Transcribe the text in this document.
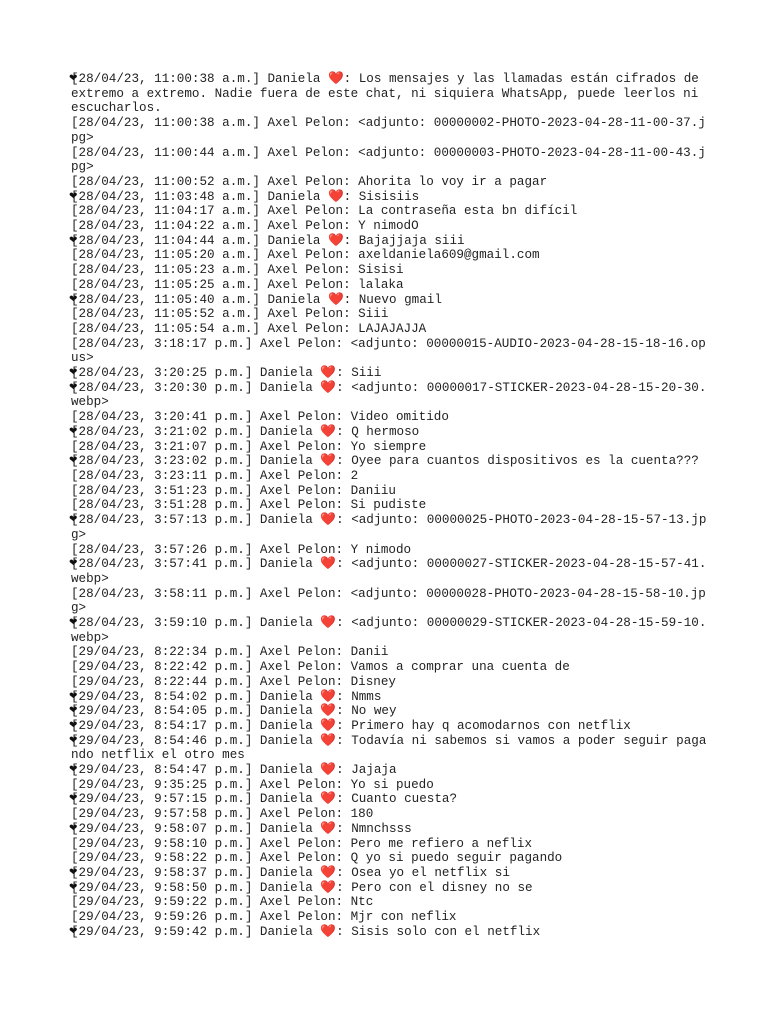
[28/04/23, 11:00:38 a.m.] Daniela ❤️: Los mensajes y las llamadas están cifrados de extremo a extremo. Nadie fuera de este chat, ni siquiera WhatsApp, puede leerlos ni escucharlos.
[28/04/23, 11:00:38 a.m.] Axel Pelon: <adjunto: 00000002-PHOTO-2023-04-28-11-00-37.jpg>
[28/04/23, 11:00:44 a.m.] Axel Pelon: <adjunto: 00000003-PHOTO-2023-04-28-11-00-43.jpg>
[28/04/23, 11:00:52 a.m.] Axel Pelon: Ahorita lo voy ir a pagar
[28/04/23, 11:03:48 a.m.] Daniela ❤️: Sisisiis
[28/04/23, 11:04:17 a.m.] Axel Pelon: La contraseña esta bn difícil
[28/04/23, 11:04:22 a.m.] Axel Pelon: Y nimodO
[28/04/23, 11:04:44 a.m.] Daniela ❤️: Bajajjaja siii
[28/04/23, 11:05:20 a.m.] Axel Pelon: axeldaniela609@gmail.com
[28/04/23, 11:05:23 a.m.] Axel Pelon: Sisisi
[28/04/23, 11:05:25 a.m.] Axel Pelon: lalaka
[28/04/23, 11:05:40 a.m.] Daniela ❤️: Nuevo gmail
[28/04/23, 11:05:52 a.m.] Axel Pelon: Siii
[28/04/23, 11:05:54 a.m.] Axel Pelon: LAJAJAJJA
[28/04/23, 3:18:17 p.m.] Axel Pelon: <adjunto: 00000015-AUDIO-2023-04-28-15-18-16.opus>
[28/04/23, 3:20:25 p.m.] Daniela ❤️: Siii
[28/04/23, 3:20:30 p.m.] Daniela ❤️: <adjunto: 00000017-STICKER-2023-04-28-15-20-30.webp>
[28/04/23, 3:20:41 p.m.] Axel Pelon: Video omitido
[28/04/23, 3:21:02 p.m.] Daniela ❤️: Q hermoso
[28/04/23, 3:21:07 p.m.] Axel Pelon: Yo siempre
[28/04/23, 3:23:02 p.m.] Daniela ❤️: Oyee para cuantos dispositivos es la cuenta???
[28/04/23, 3:23:11 p.m.] Axel Pelon: 2
[28/04/23, 3:51:23 p.m.] Axel Pelon: Daniiu
[28/04/23, 3:51:28 p.m.] Axel Pelon: Si pudiste
[28/04/23, 3:57:13 p.m.] Daniela ❤️: <adjunto: 00000025-PHOTO-2023-04-28-15-57-13.jpg>
[28/04/23, 3:57:26 p.m.] Axel Pelon: Y nimodo
[28/04/23, 3:57:41 p.m.] Daniela ❤️: <adjunto: 00000027-STICKER-2023-04-28-15-57-41.webp>
[28/04/23, 3:58:11 p.m.] Axel Pelon: <adjunto: 00000028-PHOTO-2023-04-28-15-58-10.jpg>
[28/04/23, 3:59:10 p.m.] Daniela ❤️: <adjunto: 00000029-STICKER-2023-04-28-15-59-10.webp>
[29/04/23, 8:22:34 p.m.] Axel Pelon: Danii
[29/04/23, 8:22:42 p.m.] Axel Pelon: Vamos a comprar una cuenta de
[29/04/23, 8:22:44 p.m.] Axel Pelon: Disney
[29/04/23, 8:54:02 p.m.] Daniela ❤️: Nmms
[29/04/23, 8:54:05 p.m.] Daniela ❤️: No wey
[29/04/23, 8:54:17 p.m.] Daniela ❤️: Primero hay q acomodarnos con netflix
[29/04/23, 8:54:46 p.m.] Daniela ❤️: Todavía ni sabemos si vamos a poder seguir pagando netflix el otro mes
[29/04/23, 8:54:47 p.m.] Daniela ❤️: Jajaja
[29/04/23, 9:35:25 p.m.] Axel Pelon: Yo si puedo
[29/04/23, 9:57:15 p.m.] Daniela ❤️: Cuanto cuesta?
[29/04/23, 9:57:58 p.m.] Axel Pelon: 180
[29/04/23, 9:58:07 p.m.] Daniela ❤️: Nmnchsss
[29/04/23, 9:58:10 p.m.] Axel Pelon: Pero me refiero a neflix
[29/04/23, 9:58:22 p.m.] Axel Pelon: Q yo si puedo seguir pagando
[29/04/23, 9:58:37 p.m.] Daniela ❤️: Osea yo el netflix si
[29/04/23, 9:58:50 p.m.] Daniela ❤️: Pero con el disney no se
[29/04/23, 9:59:22 p.m.] Axel Pelon: Ntc
[29/04/23, 9:59:26 p.m.] Axel Pelon: Mjr con neflix
[29/04/23, 9:59:42 p.m.] Daniela ❤️: Sisis solo con el netflix
